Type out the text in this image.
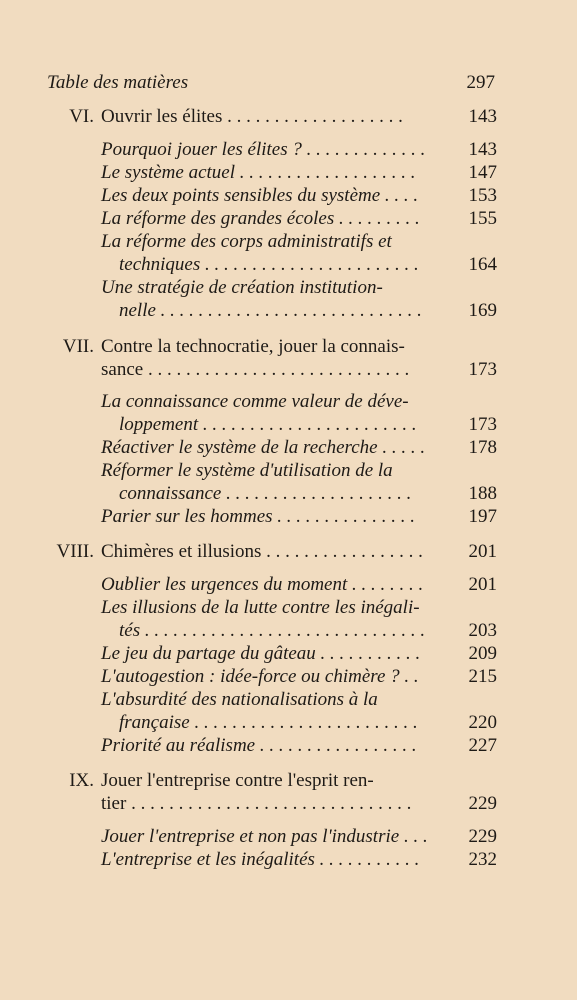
Table des matières	297
VI. Ouvrir les élites . . . . . . . . . . . . . . . . . . .	143
Pourquoi jouer les élites ? . . . . . . . . . . . . .	143
Le système actuel . . . . . . . . . . . . . . . . . . .	147
Les deux points sensibles du système . . . .	153
La réforme des grandes écoles . . . . . . . . .	155
La réforme des corps administratifs et
techniques . . . . . . . . . . . . . . . . . . . . . . .	164
Une stratégie de création institution-
nelle . . . . . . . . . . . . . . . . . . . . . . . . . . . .	169
VII. Contre la technocratie, jouer la connais-
sance . . . . . . . . . . . . . . . . . . . . . . . . . . . .	173
La connaissance comme valeur de déve-
loppement . . . . . . . . . . . . . . . . . . . . . . .	173
Réactiver le système de la recherche . . . . .	178
Réformer le système d'utilisation de la
connaissance . . . . . . . . . . . . . . . . . . . .	188
Parier sur les hommes . . . . . . . . . . . . . . .	197
VIII. Chimères et illusions . . . . . . . . . . . . . . . . .	201
Oublier les urgences du moment . . . . . . . .	201
Les illusions de la lutte contre les inégali-
tés . . . . . . . . . . . . . . . . . . . . . . . . . . . . . .	203
Le jeu du partage du gâteau . . . . . . . . . . .	209
L'autogestion : idée-force ou chimère ? . .	215
L'absurdité des nationalisations à la
française . . . . . . . . . . . . . . . . . . . . . . . .	220
Priorité au réalisme . . . . . . . . . . . . . . . . .	227
IX. Jouer l'entreprise contre l'esprit ren-
tier . . . . . . . . . . . . . . . . . . . . . . . . . . . . . .	229
Jouer l'entreprise et non pas l'industrie . . .	229
L'entreprise et les inégalités . . . . . . . . . . .	232
